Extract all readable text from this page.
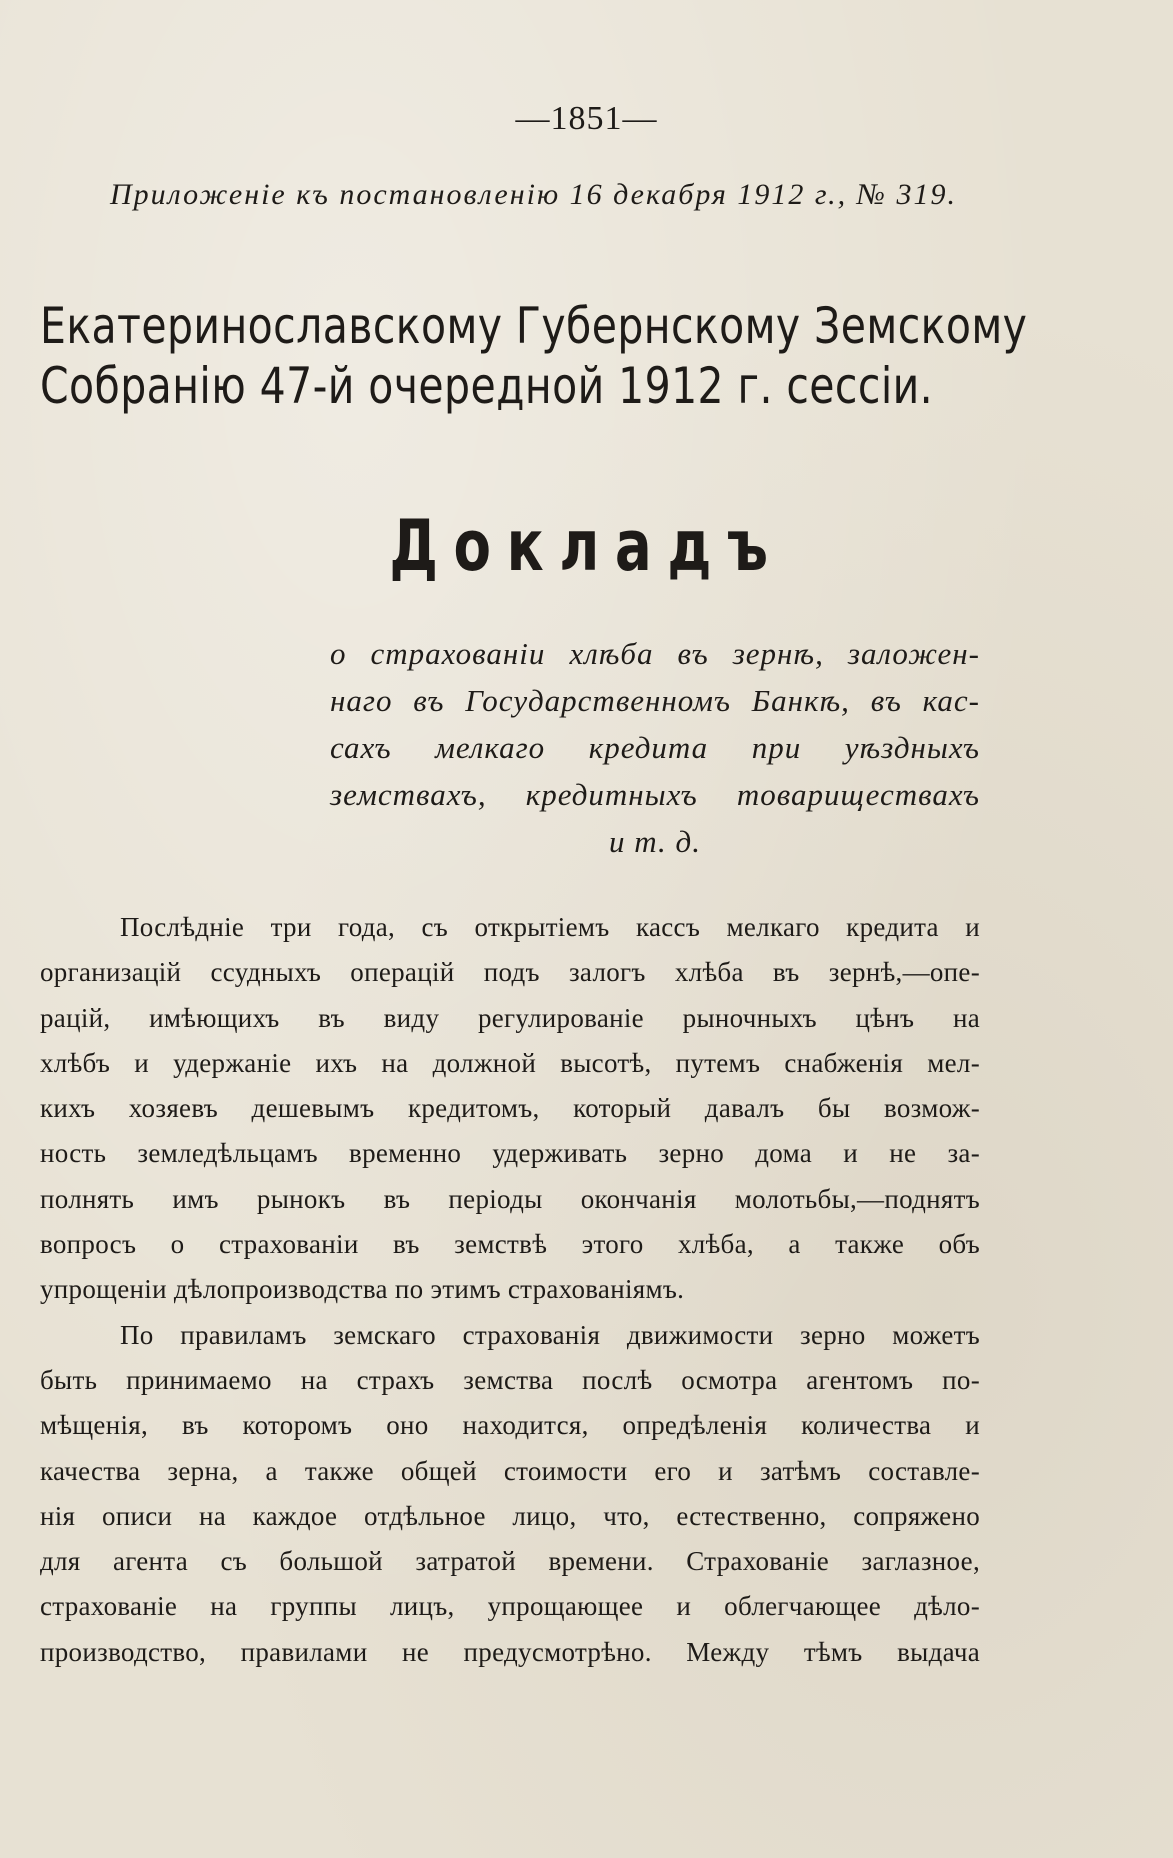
—1851—
Приложеніе къ постановленію 16 декабря 1912 г., № 319.
Екатеринославскому Губернскому Земскому
Собранію 47-й очередной 1912 г. сессіи.
Докладъ
о страхованіи хлѣба въ зернѣ, заложен-
наго въ Государственномъ Банкѣ, въ кас-
сахъ мелкаго кредита при уѣздныхъ
земствахъ, кредитныхъ товариществахъ
и т. д.
Послѣдніе три года, съ открытіемъ кассъ мелкаго кредита и
организацій ссудныхъ операцій подъ залогъ хлѣба въ зернѣ,—опе-
рацій, имѣющихъ въ виду регулированіе рыночныхъ цѣнъ на
хлѣбъ и удержаніе ихъ на должной высотѣ, путемъ снабженія мел-
кихъ хозяевъ дешевымъ кредитомъ, который давалъ бы возмож-
ность земледѣльцамъ временно удерживать зерно дома и не за-
полнять имъ рынокъ въ періоды окончанія молотьбы,—поднятъ
вопросъ о страхованіи въ земствѣ этого хлѣба, а также объ
упрощеніи дѣлопроизводства по этимъ страхованіямъ.
По правиламъ земскаго страхованія движимости зерно можетъ
быть принимаемо на страхъ земства послѣ осмотра агентомъ по-
мѣщенія, въ которомъ оно находится, опредѣленія количества и
качества зерна, а также общей стоимости его и затѣмъ составле-
нія описи на каждое отдѣльное лицо, что, естественно, сопряжено
для агента съ большой затратой времени. Страхованіе заглазное,
страхованіе на группы лицъ, упрощающее и облегчающее дѣло-
производство, правилами не предусмотрѣно. Между тѣмъ выдача
